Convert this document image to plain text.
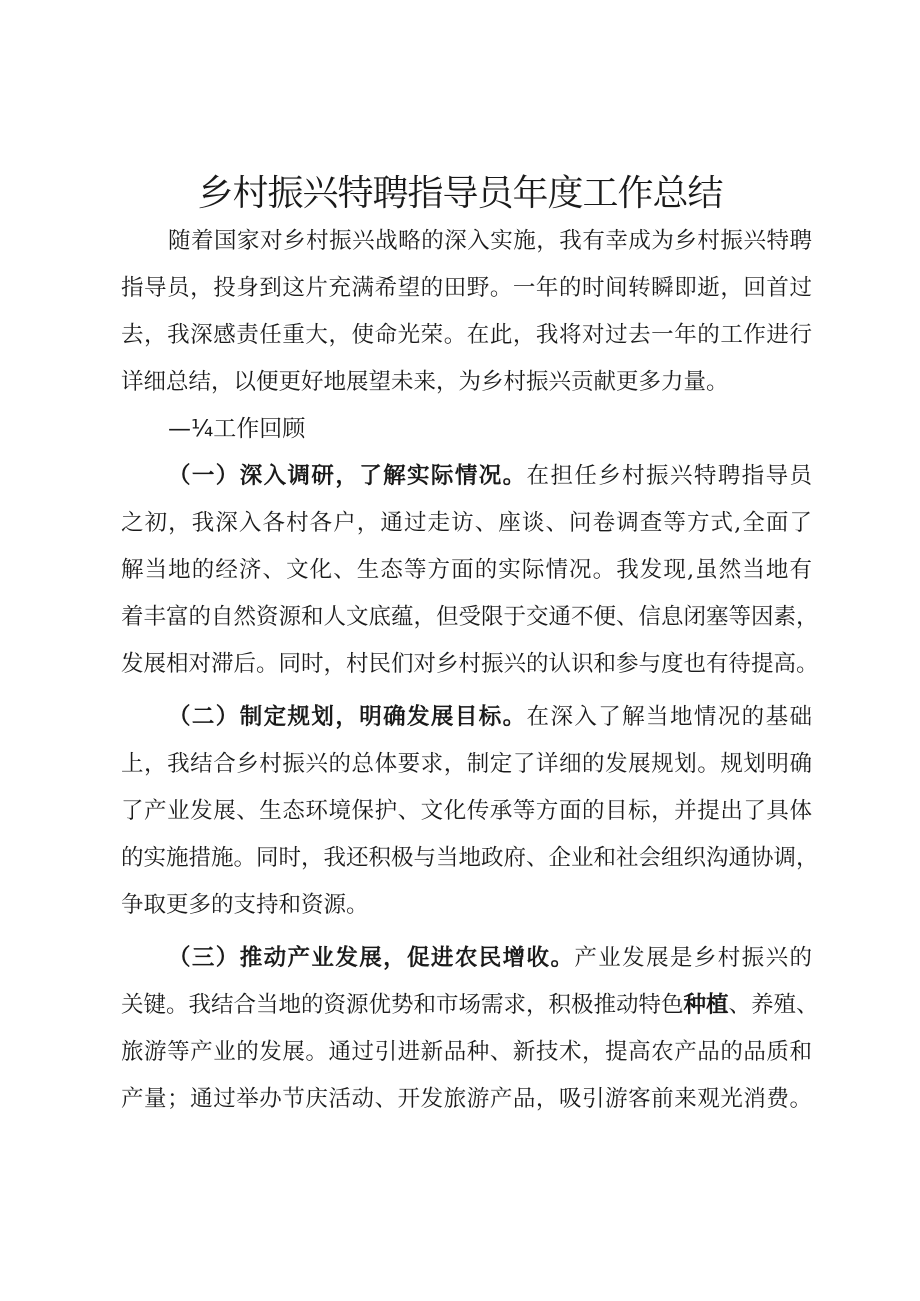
乡村振兴特聘指导员年度工作总结
随着国家对乡村振兴战略的深入实施，我有幸成为乡村振兴特聘
指导员，投身到这片充满希望的田野。一年的时间转瞬即逝，回首过
去，我深感责任重大，使命光荣。在此，我将对过去一年的工作进行
详细总结，以便更好地展望未来，为乡村振兴贡献更多力量。
—¼工作回顾
（一）深入调研，了解实际情况。在担任乡村振兴特聘指导员
之初，我深入各村各户，通过走访、座谈、问卷调查等方式,全面了
解当地的经济、文化、生态等方面的实际情况。我发现,虽然当地有
着丰富的自然资源和人文底蕴，但受限于交通不便、信息闭塞等因素，
发展相对滞后。同时，村民们对乡村振兴的认识和参与度也有待提高。
（二）制定规划，明确发展目标。在深入了解当地情况的基础
上，我结合乡村振兴的总体要求，制定了详细的发展规划。规划明确
了产业发展、生态环境保护、文化传承等方面的目标，并提出了具体
的实施措施。同时，我还积极与当地政府、企业和社会组织沟通协调，
争取更多的支持和资源。
（三）推动产业发展，促进农民增收。产业发展是乡村振兴的
关键。我结合当地的资源优势和市场需求，积极推动特色种植、养殖、
旅游等产业的发展。通过引进新品种、新技术，提高农产品的品质和
产量；通过举办节庆活动、开发旅游产品，吸引游客前来观光消费。
